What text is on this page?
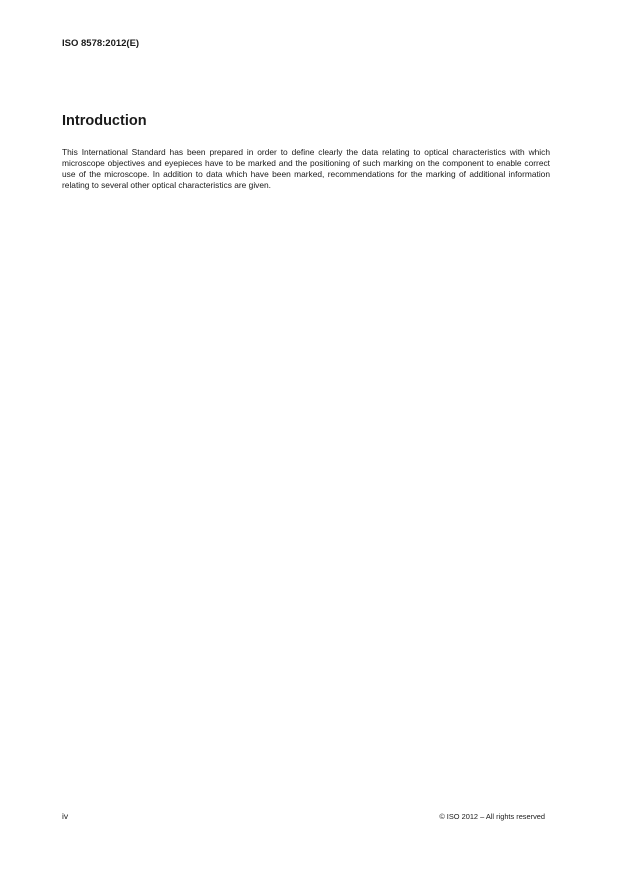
ISO 8578:2012(E)
Introduction

This International Standard has been prepared in order to define clearly the data relating to optical characteristics with which microscope objectives and eyepieces have to be marked and the positioning of such marking on the component to enable correct use of the microscope. In addition to data which have been marked, recommendations for the marking of additional information relating to several other optical characteristics are given.

iv	© ISO 2012 – All rights reserved
